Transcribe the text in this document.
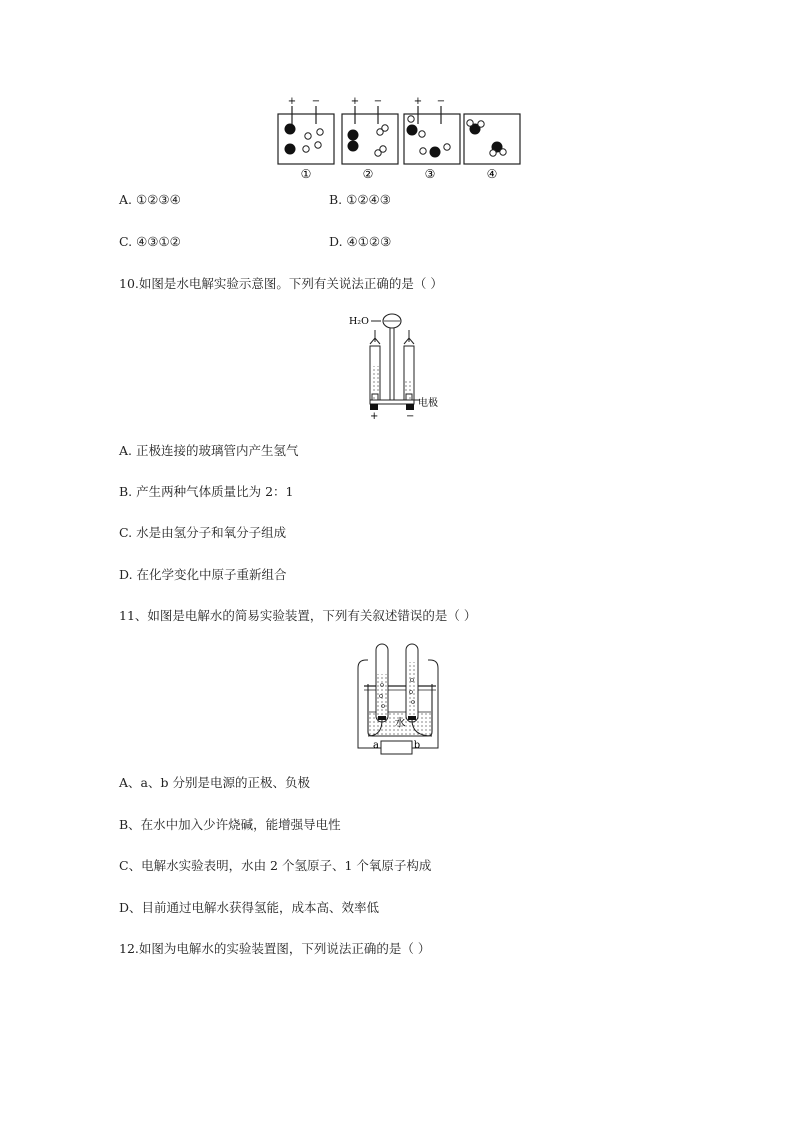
+ −	+ −	+ −
①	②	③	④
A. ①②③④	B. ①②④③
C. ④③①②	D. ④①②③
10.如图是水电解实验示意图。下列有关说法正确的是（ ）
H₂O
电极
+	−
A. 正极连接的玻璃管内产生氢气
B. 产生两种气体质量比为 2：1
C. 水是由氢分子和氧分子组成
D. 在化学变化中原子重新组合
11、如图是电解水的简易实验装置，下列有关叙述错误的是（ ）
水
a	b
A、a、b 分别是电源的正极、负极
B、在水中加入少许烧碱，能增强导电性
C、电解水实验表明，水由 2 个氢原子、1 个氧原子构成
D、目前通过电解水获得氢能，成本高、效率低
12.如图为电解水的实验装置图，下列说法正确的是（ ）
